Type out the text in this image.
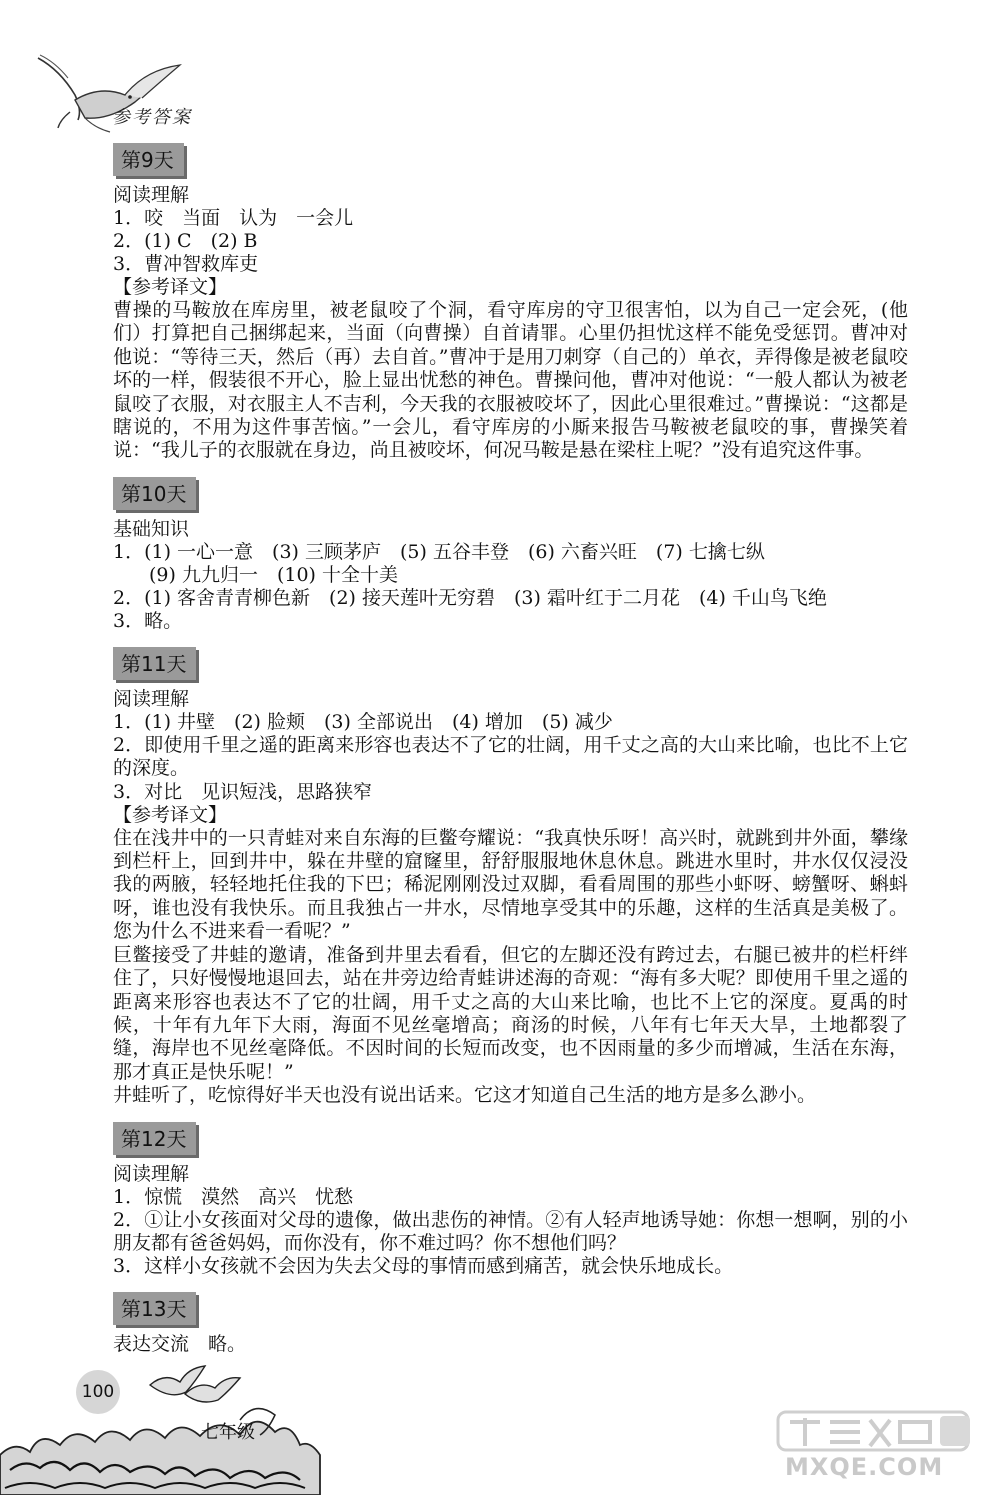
参考答案
第9天
阅读理解
1．咬　当面　认为　一会儿
2．(1) C　(2) B
3．曹冲智救库吏
【参考译文】
曹操的马鞍放在库房里，被老鼠咬了个洞，看守库房的守卫很害怕，以为自己一定会死，(他们）打算把自己捆绑起来，当面（向曹操）自首请罪。心里仍担忧这样不能免受惩罚。曹冲对他说：“等待三天，然后（再）去自首。”曹冲于是用刀刺穿（自己的）单衣，弄得像是被老鼠咬坏的一样，假装很不开心，脸上显出忧愁的神色。曹操问他，曹冲对他说：“一般人都认为被老鼠咬了衣服，对衣服主人不吉利，今天我的衣服被咬坏了，因此心里很难过。”曹操说：“这都是瞎说的，不用为这件事苦恼。”一会儿，看守库房的小厮来报告马鞍被老鼠咬的事，曹操笑着说：“我儿子的衣服就在身边，尚且被咬坏，何况马鞍是悬在梁柱上呢？”没有追究这件事。
第10天
基础知识
1．(1) 一心一意　(3) 三顾茅庐　(5) 五谷丰登　(6) 六畜兴旺　(7) 七擒七纵
(9) 九九归一　(10) 十全十美
2．(1) 客舍青青柳色新　(2) 接天莲叶无穷碧　(3) 霜叶红于二月花　(4) 千山鸟飞绝
3．略。
第11天
阅读理解
1．(1) 井壁　(2) 脸颊　(3) 全部说出　(4) 增加　(5) 减少
2．即使用千里之遥的距离来形容也表达不了它的壮阔，用千丈之高的大山来比喻，也比不上它的深度。
3．对比　见识短浅，思路狭窄
【参考译文】
住在浅井中的一只青蛙对来自东海的巨鳖夸耀说：“我真快乐呀！高兴时，就跳到井外面，攀缘到栏杆上，回到井中，躲在井壁的窟窿里，舒舒服服地休息休息。跳进水里时，井水仅仅浸没我的两腋，轻轻地托住我的下巴；稀泥刚刚没过双脚，看看周围的那些小虾呀、螃蟹呀、蝌蚪呀，谁也没有我快乐。而且我独占一井水，尽情地享受其中的乐趣，这样的生活真是美极了。您为什么不进来看一看呢？”
巨鳖接受了井蛙的邀请，准备到井里去看看，但它的左脚还没有跨过去，右腿已被井的栏杆绊住了，只好慢慢地退回去，站在井旁边给青蛙讲述海的奇观：“海有多大呢？即使用千里之遥的距离来形容也表达不了它的壮阔，用千丈之高的大山来比喻，也比不上它的深度。夏禹的时候，十年有九年下大雨，海面不见丝毫增高；商汤的时候，八年有七年天大旱，土地都裂了缝，海岸也不见丝毫降低。不因时间的长短而改变，也不因雨量的多少而增减，生活在东海，那才真正是快乐呢！”
井蛙听了，吃惊得好半天也没有说出话来。它这才知道自己生活的地方是多么渺小。
第12天
阅读理解
1．惊慌　漠然　高兴　忧愁
2．①让小女孩面对父母的遗像，做出悲伤的神情。②有人轻声地诱导她：你想一想啊，别的小朋友都有爸爸妈妈，而你没有，你不难过吗？你不想他们吗？
3．这样小女孩就不会因为失去父母的事情而感到痛苦，就会快乐地成长。
第13天
表达交流　略。
100
七年级
MXQE.COM
